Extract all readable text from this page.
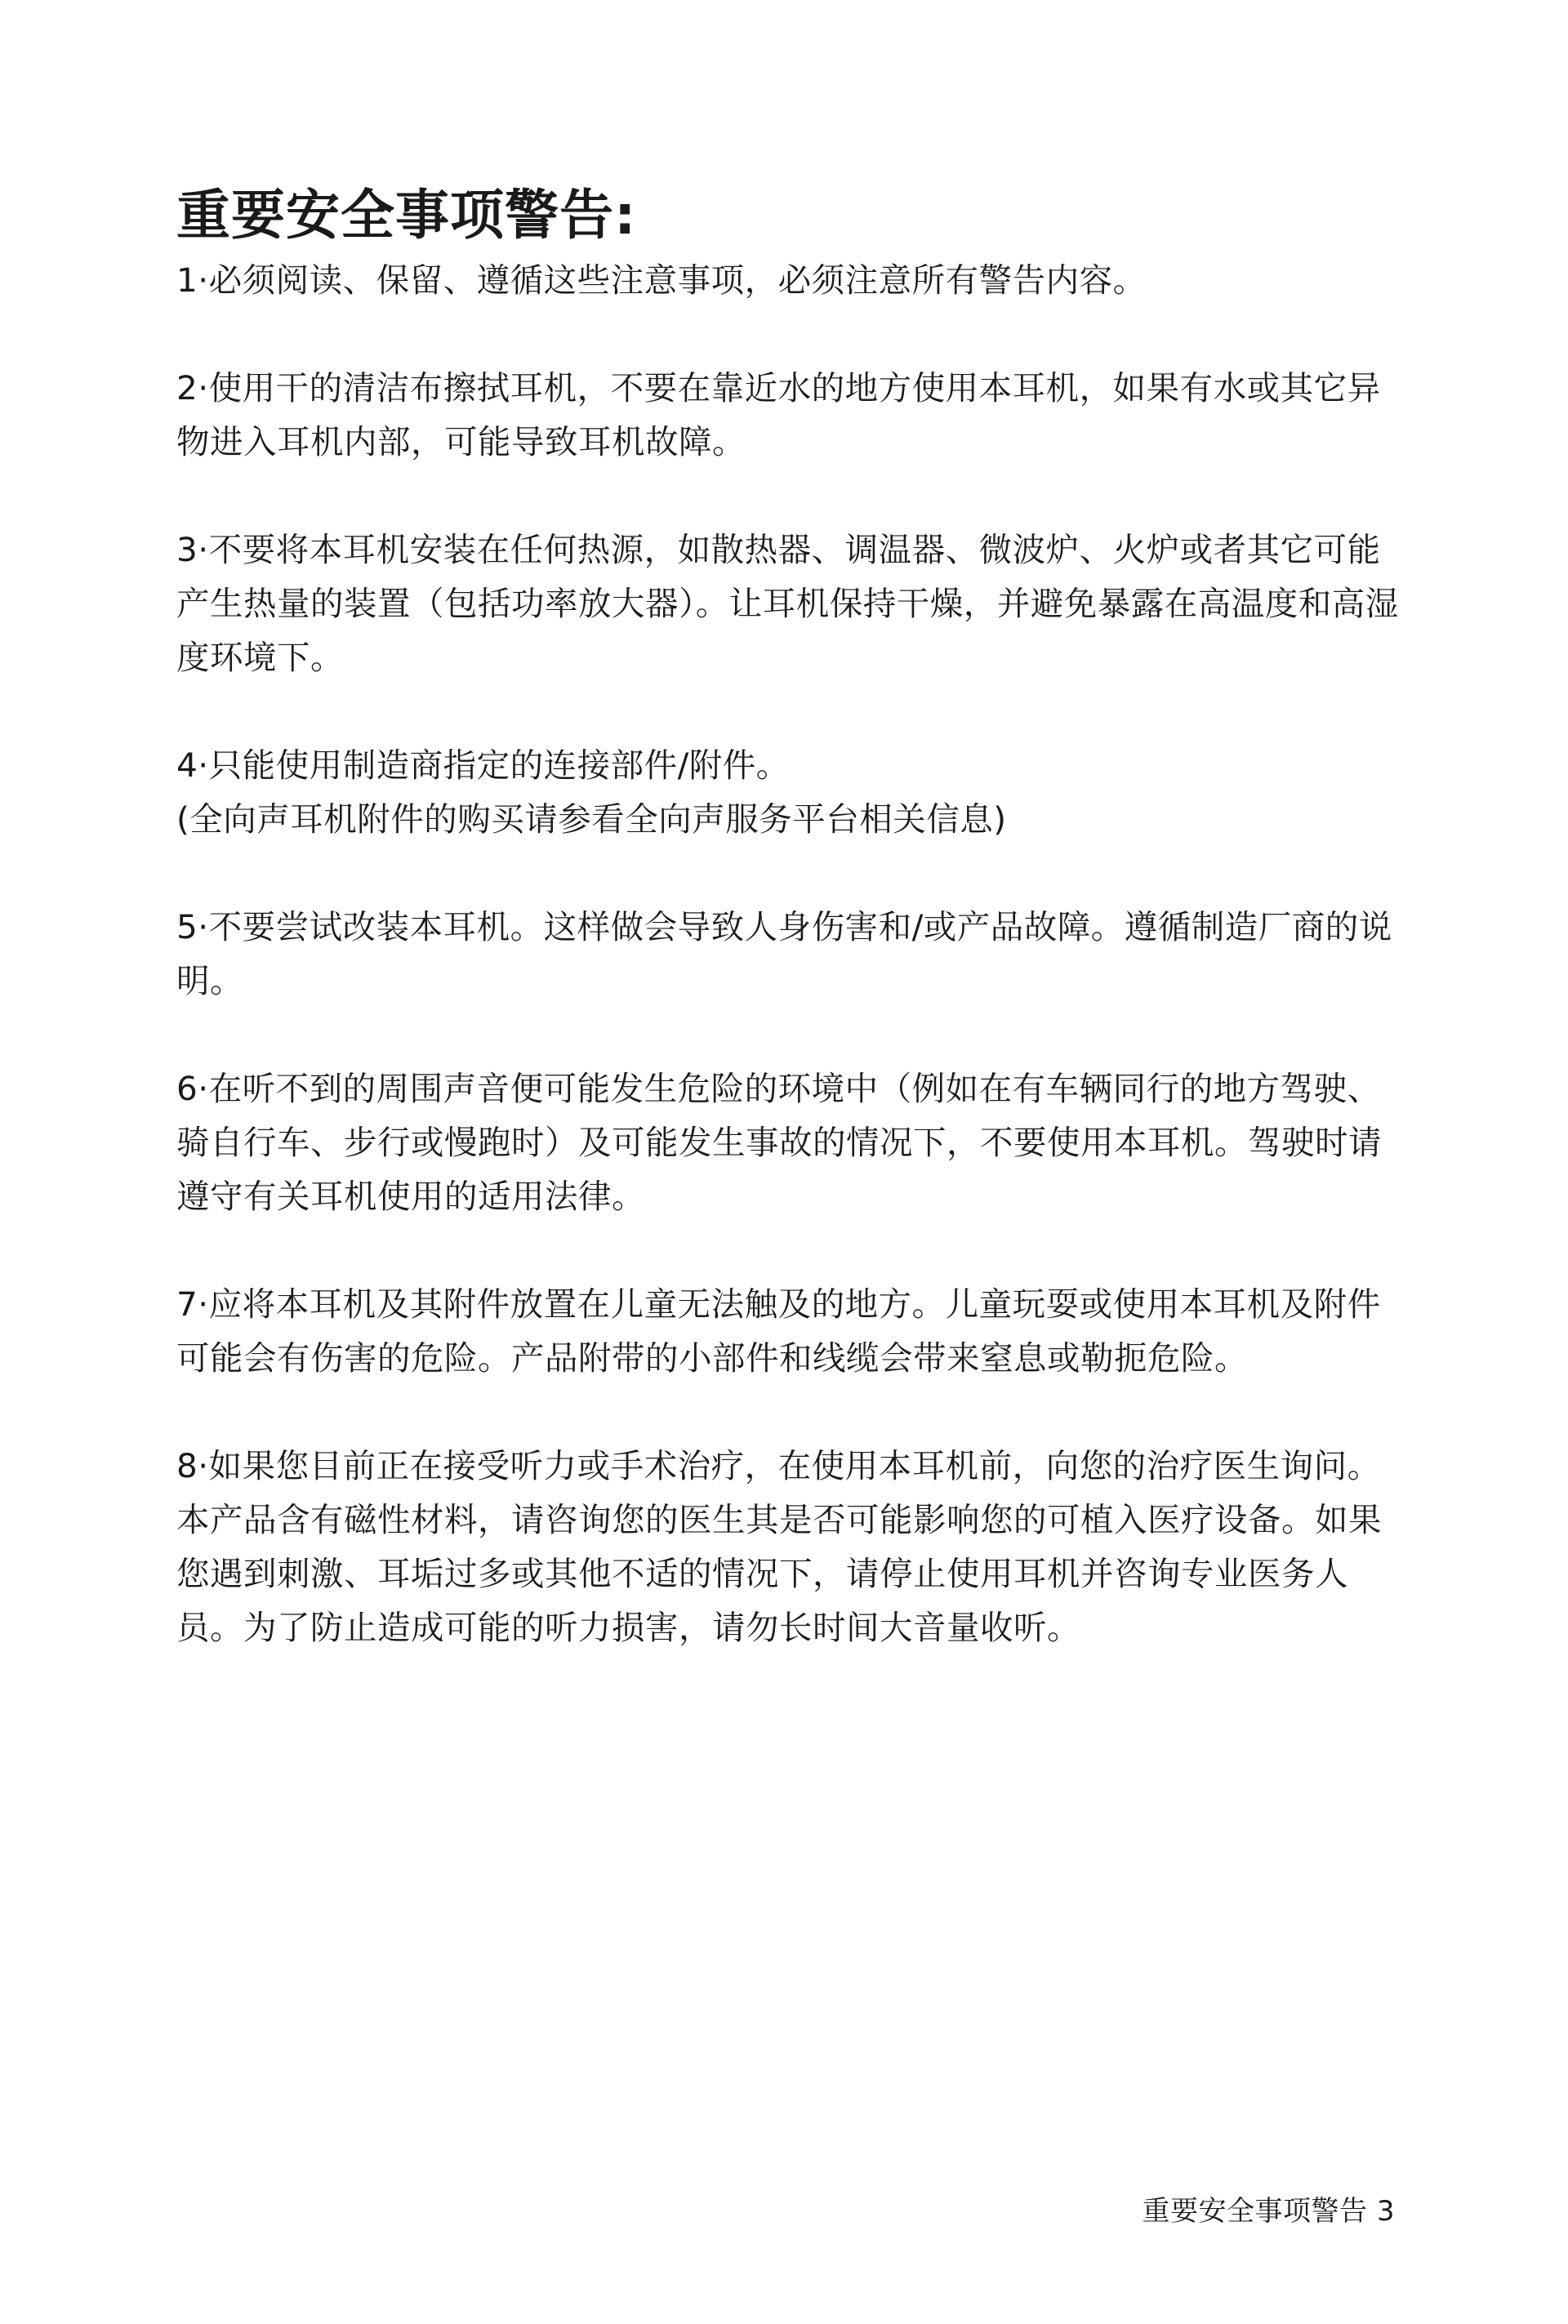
重要安全事项警告:

1·必须阅读、保留、遵循这些注意事项，必须注意所有警告内容。

2·使用干的清洁布擦拭耳机，不要在靠近水的地方使用本耳机，如果有水或其它异物进入耳机内部，可能导致耳机故障。

3·不要将本耳机安装在任何热源，如散热器、调温器、微波炉、火炉或者其它可能产生热量的装置（包括功率放大器）。让耳机保持干燥，并避免暴露在高温度和高湿度环境下。

4·只能使用制造商指定的连接部件/附件。

(全向声耳机附件的购买请参看全向声服务平台相关信息)

5·不要尝试改装本耳机。这样做会导致人身伤害和/或产品故障。遵循制造厂商的说明。

6·在听不到的周围声音便可能发生危险的环境中（例如在有车辆同行的地方驾驶、骑自行车、步行或慢跑时）及可能发生事故的情况下，不要使用本耳机。驾驶时请遵守有关耳机使用的适用法律。

7·应将本耳机及其附件放置在儿童无法触及的地方。儿童玩耍或使用本耳机及附件可能会有伤害的危险。产品附带的小部件和线缆会带来窒息或勒扼危险。

8·如果您目前正在接受听力或手术治疗，在使用本耳机前，向您的治疗医生询问。本产品含有磁性材料，请咨询您的医生其是否可能影响您的可植入医疗设备。如果您遇到刺激、耳垢过多或其他不适的情况下，请停止使用耳机并咨询专业医务人员。为了防止造成可能的听力损害，请勿长时间大音量收听。

重要安全事项警告 3
